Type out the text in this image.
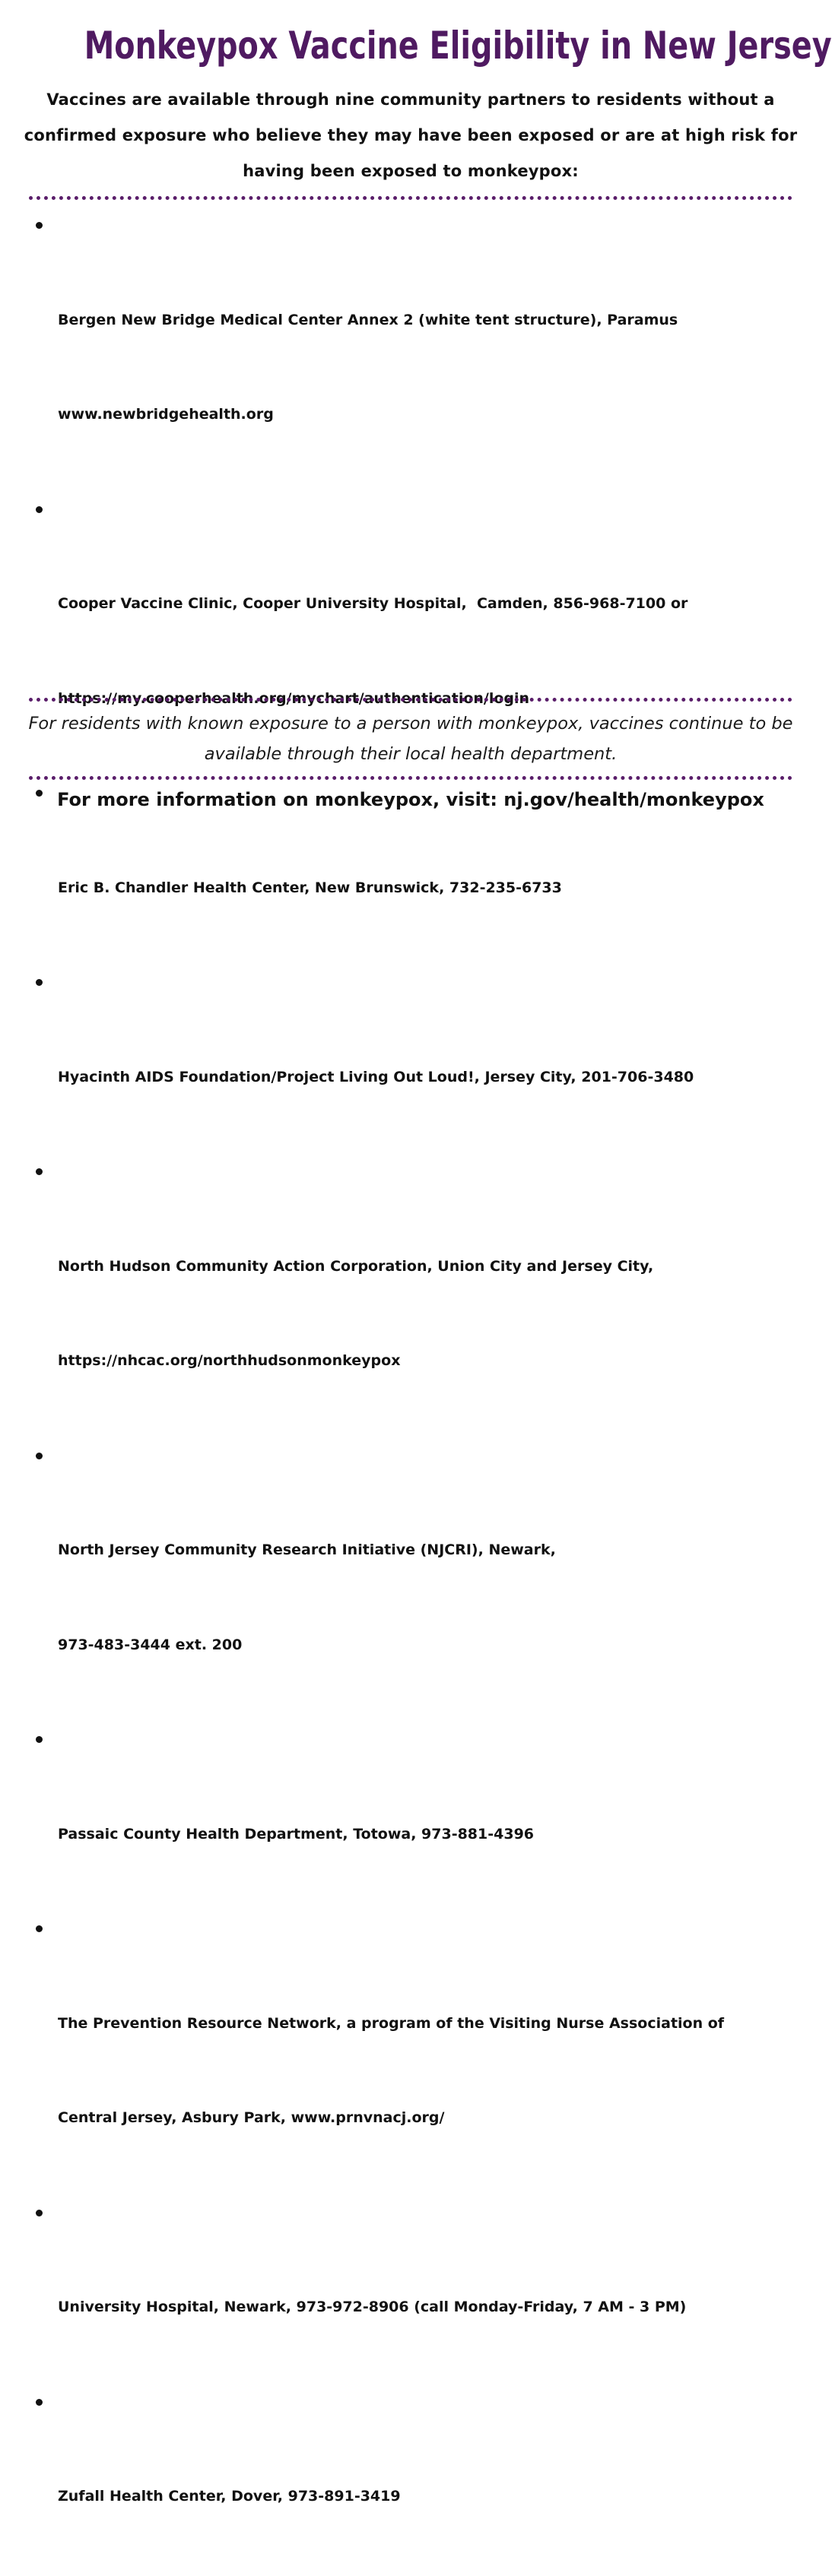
Monkeypox Vaccine Eligibility in New Jersey
Vaccines are available through nine community partners to residents without a confirmed exposure who believe they may have been exposed or are at high risk for having been exposed to monkeypox:

Bergen New Bridge Medical Center Annex 2 (white tent structure), Paramus

www.newbridgehealth.org

Cooper Vaccine Clinic, Cooper University Hospital,  Camden, 856-968-7100 or

https://my.cooperhealth.org/mychart/authentication/login

Eric B. Chandler Health Center, New Brunswick, 732-235-6733

Hyacinth AIDS Foundation/Project Living Out Loud!, Jersey City, 201-706-3480

North Hudson Community Action Corporation, Union City and Jersey City,

https://nhcac.org/northhudsonmonkeypox

North Jersey Community Research Initiative (NJCRI), Newark,

973-483-3444 ext. 200

Passaic County Health Department, Totowa, 973-881-4396

The Prevention Resource Network, a program of the Visiting Nurse Association of

Central Jersey, Asbury Park, www.prnvnacj.org/

University Hospital, Newark, 973-972-8906 (call Monday-Friday, 7 AM - 3 PM)

Zufall Health Center, Dover, 973-891-3419

For residents with known exposure to a person with monkeypox, vaccines continue to be available through their local health department.
For more information on monkeypox, visit: nj.gov/health/monkeypox
